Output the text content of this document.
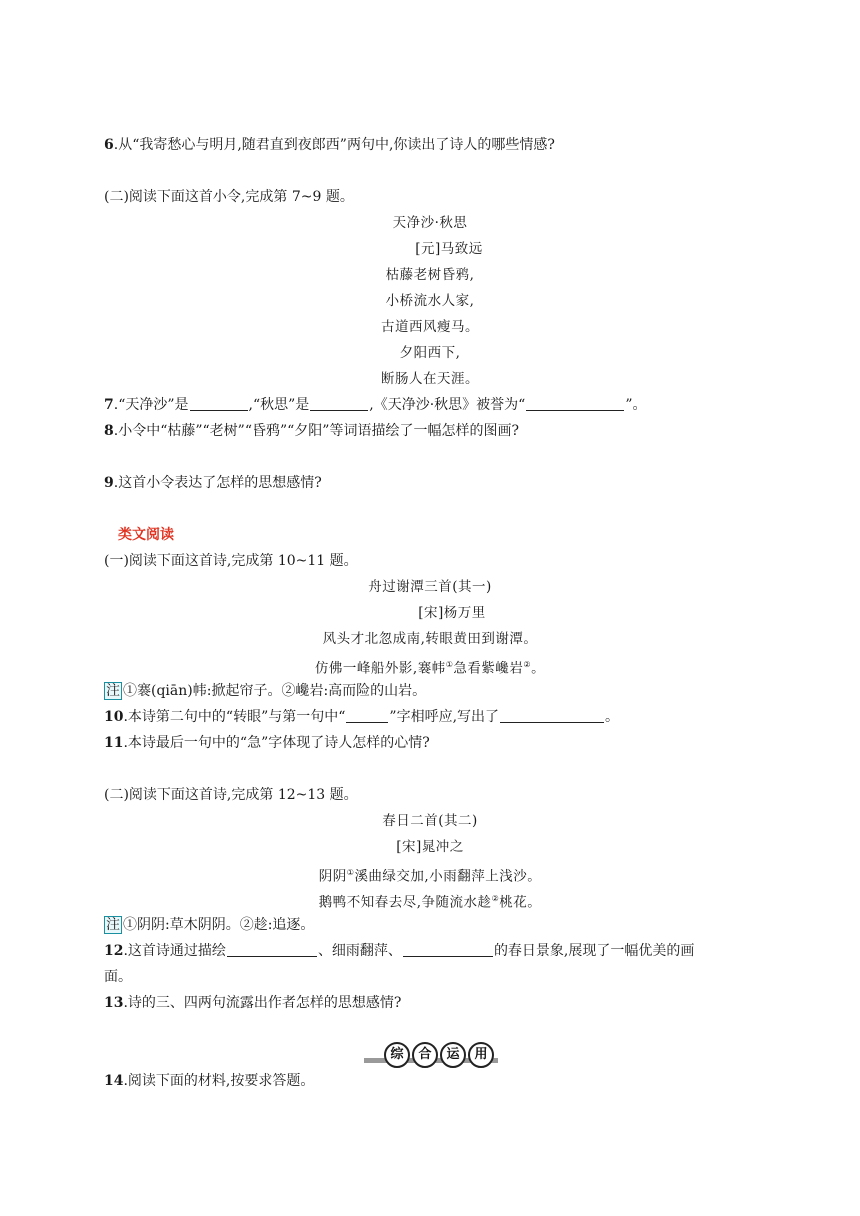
6.从“我寄愁心与明月,随君直到夜郎西”两句中,你读出了诗人的哪些情感?
(二)阅读下面这首小令,完成第 7~9 题。
天净沙·秋思
[元]马致远
枯藤老树昏鸦,
小桥流水人家,
古道西风瘦马。
夕阳西下,
断肠人在天涯。
7.“天净沙”是	,“秋思”是	,《天净沙·秋思》被誉为“	”。
8.小令中“枯藤”“老树”“昏鸦”“夕阳”等词语描绘了一幅怎样的图画?
9.这首小令表达了怎样的思想感情?
类文阅读
(一)阅读下面这首诗,完成第 10~11 题。
舟过谢潭三首(其一)
[宋]杨万里
风头才北忽成南,转眼黄田到谢潭。
仿佛一峰船外影,褰帏①急看紫巉岩②。
注 ①褰(qiān)帏:掀起帘子。②巉岩:高而险的山岩。
10.本诗第二句中的“转眼”与第一句中“	”字相呼应,写出了	。
11.本诗最后一句中的“急”字体现了诗人怎样的心情?
(二)阅读下面这首诗,完成第 12~13 题。
春日二首(其二)
[宋]晁冲之
阴阴①溪曲绿交加,小雨翻萍上浅沙。
鹅鸭不知春去尽,争随流水趁②桃花。
注 ①阴阴:草木阴阴。②趁:追逐。
12.这首诗通过描绘	、细雨翻萍、	的春日景象,展现了一幅优美的画
面。
13.诗的三、四两句流露出作者怎样的思想感情?
综	合	运	用
14.阅读下面的材料,按要求答题。
